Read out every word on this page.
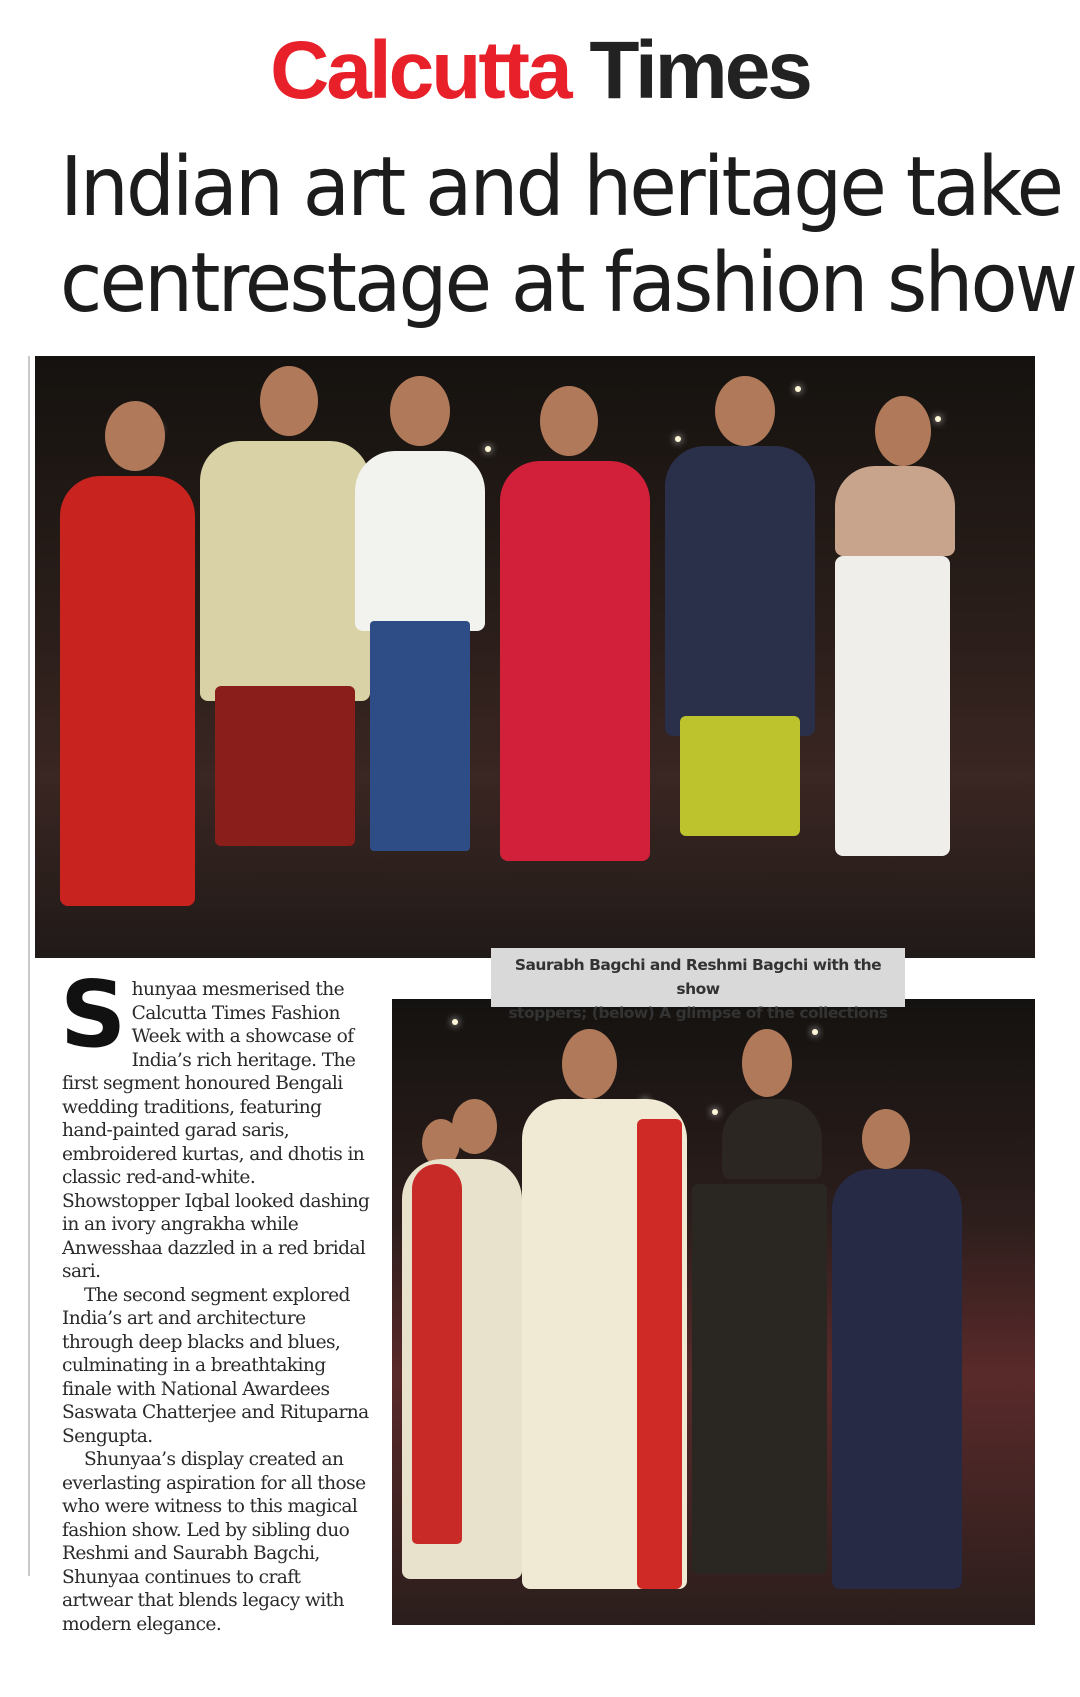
Calcutta Times
Indian art and heritage take
centrestage at fashion show
Saurabh Bagchi and Reshmi Bagchi with the show
stoppers; (below) A glimpse of the collections

Shunyaa mesmerised the Calcutta Times Fashion Week with a showcase of India’s rich heritage. The first segment honoured Bengali wedding traditions, featuring hand-painted garad saris, embroidered kurtas, and dhotis in classic red-and-white. Showstopper Iqbal looked dashing in an ivory angrakha while Anwesshaa dazzled in a red bridal sari.

The second segment explored India’s art and architecture through deep blacks and blues, culminating in a breathtaking finale with National Awardees Saswata Chatterjee and Rituparna Sengupta.

Shunyaa’s display created an everlasting aspiration for all those who were witness to this magical fashion show. Led by sibling duo Reshmi and Saurabh Bagchi, Shunyaa continues to craft artwear that blends legacy with modern elegance.
